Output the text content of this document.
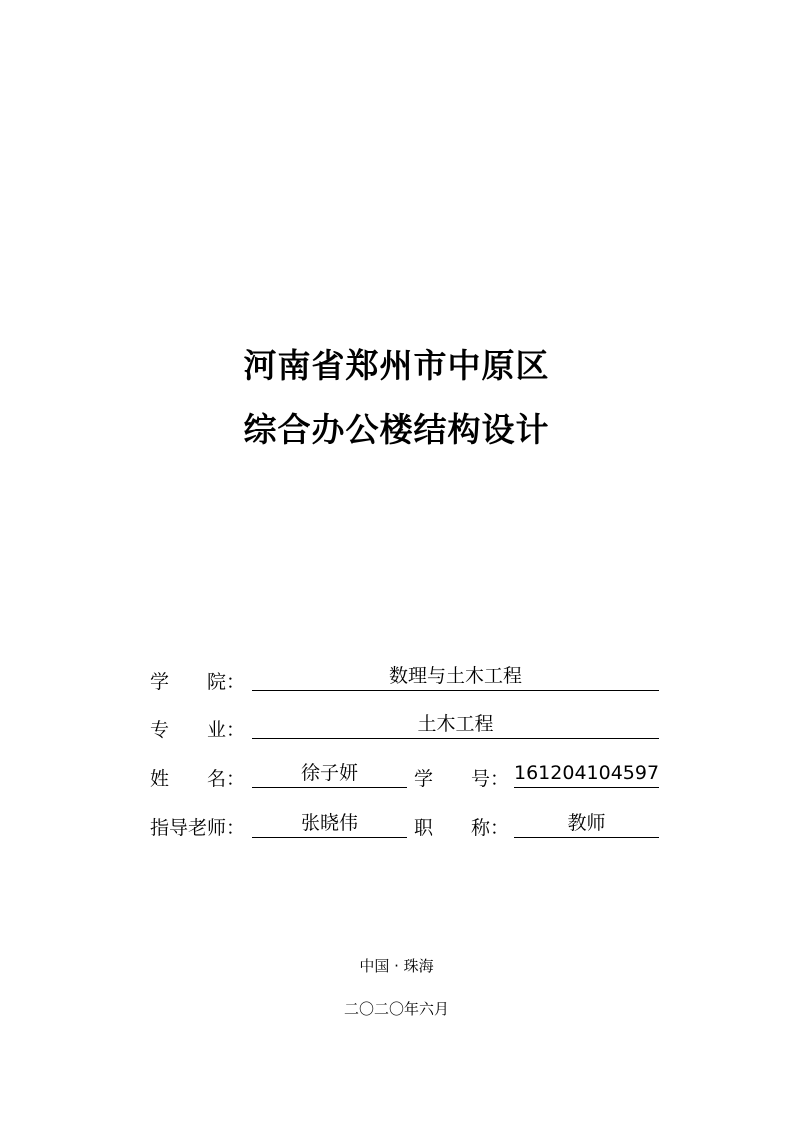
河南省郑州市中原区
综合办公楼结构设计
学　　院：	数理与土木工程
专　　业：	土木工程
姓　　名：	徐子妍	学　　号： 161204104597
指导老师：	张晓伟	职　　称：	教师
中国 · 珠海
二〇二〇年六月
